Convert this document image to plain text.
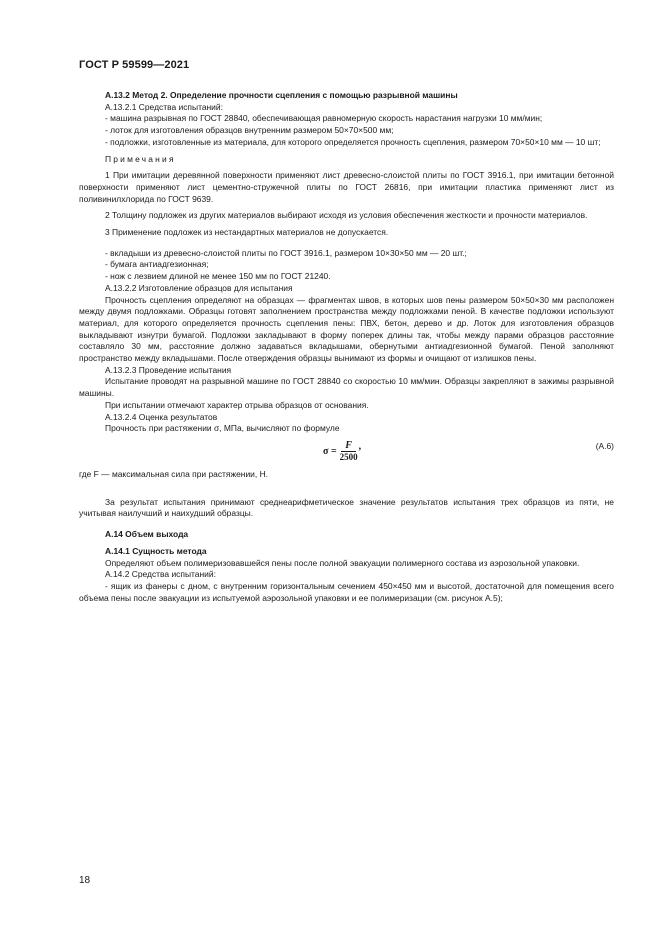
ГОСТ Р 59599—2021

А.13.2 Метод 2. Определение прочности сцепления с помощью разрывной машины

А.13.2.1 Средства испытаний:

- машина разрывная по ГОСТ 28840, обеспечивающая равномерную скорость нарастания нагрузки 10 мм/мин;

- лоток для изготовления образцов внутренним размером 50×70×500 мм;

- подложки, изготовленные из материала, для которого определяется прочность сцепления, размером 70×50×10 мм — 10 шт;

Примечания

1 При имитации деревянной поверхности применяют лист древесно-слоистой плиты по ГОСТ 3916.1, при имитации бетонной поверхности применяют лист цементно-стружечной плиты по ГОСТ 26816, при имитации пластика применяют лист из поливинилхлорида по ГОСТ 9639.

2 Толщину подложек из других материалов выбирают исходя из условия обеспечения жесткости и прочности материалов.

3 Применение подложек из нестандартных материалов не допускается.

- вкладыши из древесно-слоистой плиты по ГОСТ 3916.1, размером 10×30×50 мм — 20 шт.;

- бумага антиадгезионная;

- нож с лезвием длиной не менее 150 мм по ГОСТ 21240.

А.13.2.2 Изготовление образцов для испытания

Прочность сцепления определяют на образцах — фрагментах швов, в которых шов пены размером 50×50×30 мм расположен между двумя подложками. Образцы готовят заполнением пространства между подложками пеной. В качестве подложки используют материал, для которого определяется прочность сцепления пены: ПВХ, бетон, дерево и др. Лоток для изготовления образцов выкладывают изнутри бумагой. Подложки закладывают в форму поперек длины так, чтобы между парами образцов расстояние составляло 30 мм, расстояние должно задаваться вкладышами, обернутыми антиадгезионной бумагой. Пеной заполняют пространство между вкладышами. После отверждения образцы вынимают из формы и очищают от излишков пены.

А.13.2.3 Проведение испытания

Испытание проводят на разрывной машине по ГОСТ 28840 со скоростью 10 мм/мин. Образцы закрепляют в зажимы разрывной машины.

При испытании отмечают характер отрыва образцов от основания.

А.13.2.4 Оценка результатов

Прочность при растяжении σ, МПа, вычисляют по формуле

$\sigma = \frac{F}{2500}$ ,	(А.6)

где F — максимальная сила при растяжении, Н.

За результат испытания принимают среднеарифметическое значение результатов испытания трех образцов из пяти, не учитывая наилучший и наихудший образцы.

А.14 Объем выхода

А.14.1 Сущность метода

Определяют объем полимеризовавшейся пены после полной эвакуации полимерного состава из аэрозольной упаковки.

А.14.2 Средства испытаний:

- ящик из фанеры с дном, с внутренним горизонтальным сечением 450×450 мм и высотой, достаточной для помещения всего объема пены после эвакуации из испытуемой аэрозольной упаковки и ее полимеризации (см. рисунок А.5);

18
